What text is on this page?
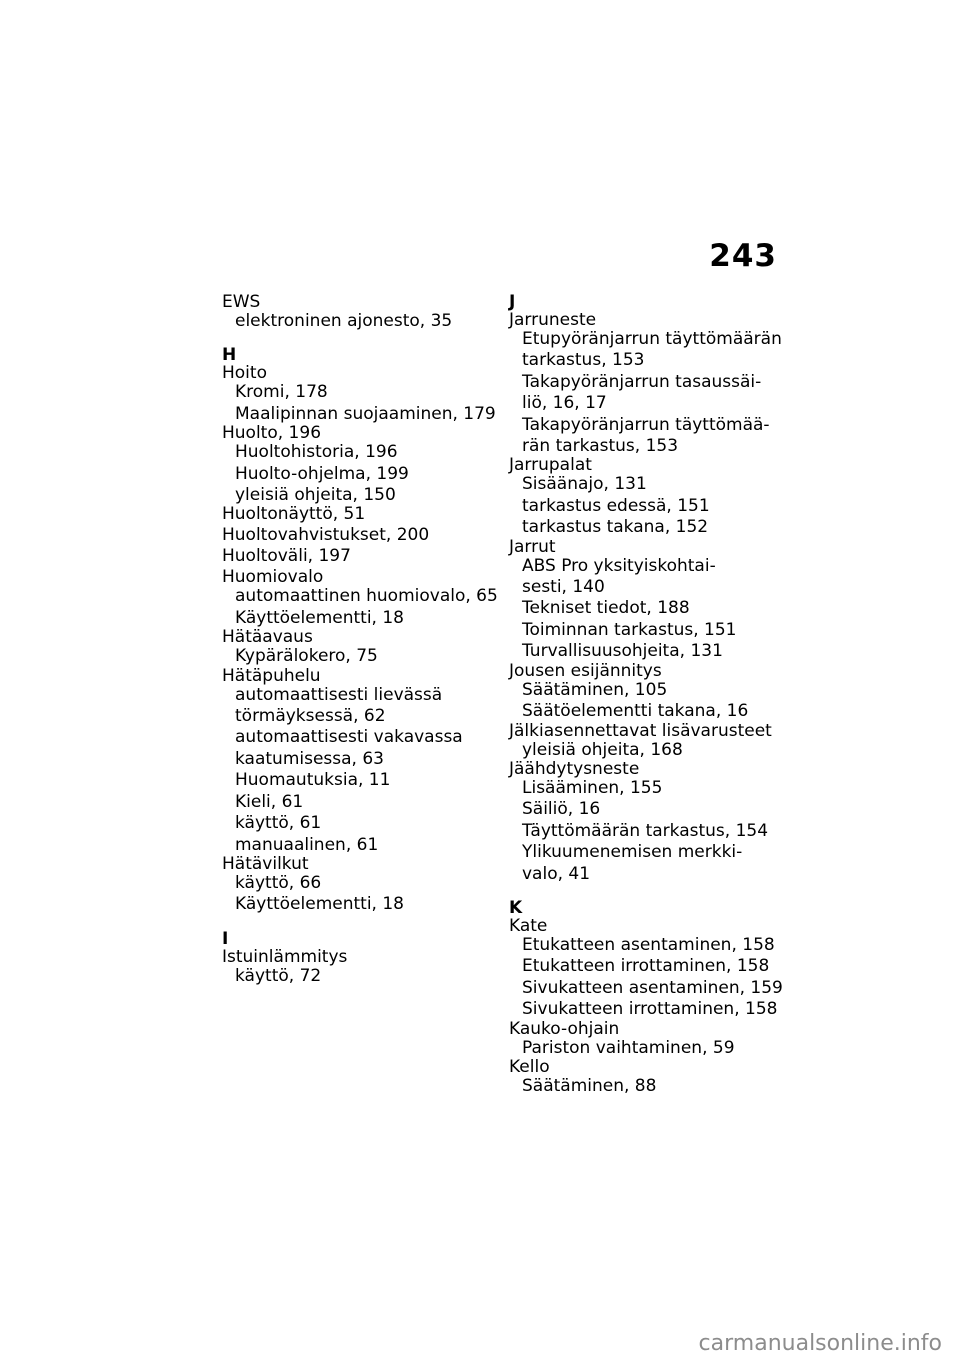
243
EWS
elektroninen ajonesto, 35
H
Hoito
Kromi, 178
Maalipinnan suojaaminen, 179
Huolto, 196
Huoltohistoria, 196
Huolto-ohjelma, 199
yleisiä ohjeita, 150
Huoltonäyttö, 51
Huoltovahvistukset, 200
Huoltoväli, 197
Huomiovalo
automaattinen huomiovalo, 65
Käyttöelementti, 18
Hätäavaus
Kypärälokero, 75
Hätäpuhelu
automaattisesti lievässä
törmäyksessä, 62
automaattisesti vakavassa
kaatumisessa, 63
Huomautuksia, 11
Kieli, 61
käyttö, 61
manuaalinen, 61
Hätävilkut
käyttö, 66
Käyttöelementti, 18
I
Istuinlämmitys
käyttö, 72
J
Jarruneste
Etupyöränjarrun täyttömäärän
tarkastus, 153
Takapyöränjarrun tasaussäi-
liö, 16, 17
Takapyöränjarrun täyttömää-
rän tarkastus, 153
Jarrupalat
Sisäänajo, 131
tarkastus edessä, 151
tarkastus takana, 152
Jarrut
ABS Pro yksityiskohtai-
sesti, 140
Tekniset tiedot, 188
Toiminnan tarkastus, 151
Turvallisuusohjeita, 131
Jousen esijännitys
Säätäminen, 105
Säätöelementti takana, 16
Jälkiasennettavat lisävarusteet
yleisiä ohjeita, 168
Jäähdytysneste
Lisääminen, 155
Säiliö, 16
Täyttömäärän tarkastus, 154
Ylikuumenemisen merkki-
valo, 41
K
Kate
Etukatteen asentaminen, 158
Etukatteen irrottaminen, 158
Sivukatteen asentaminen, 159
Sivukatteen irrottaminen, 158
Kauko-ohjain
Pariston vaihtaminen, 59
Kello
Säätäminen, 88
carmanualsonline.info
